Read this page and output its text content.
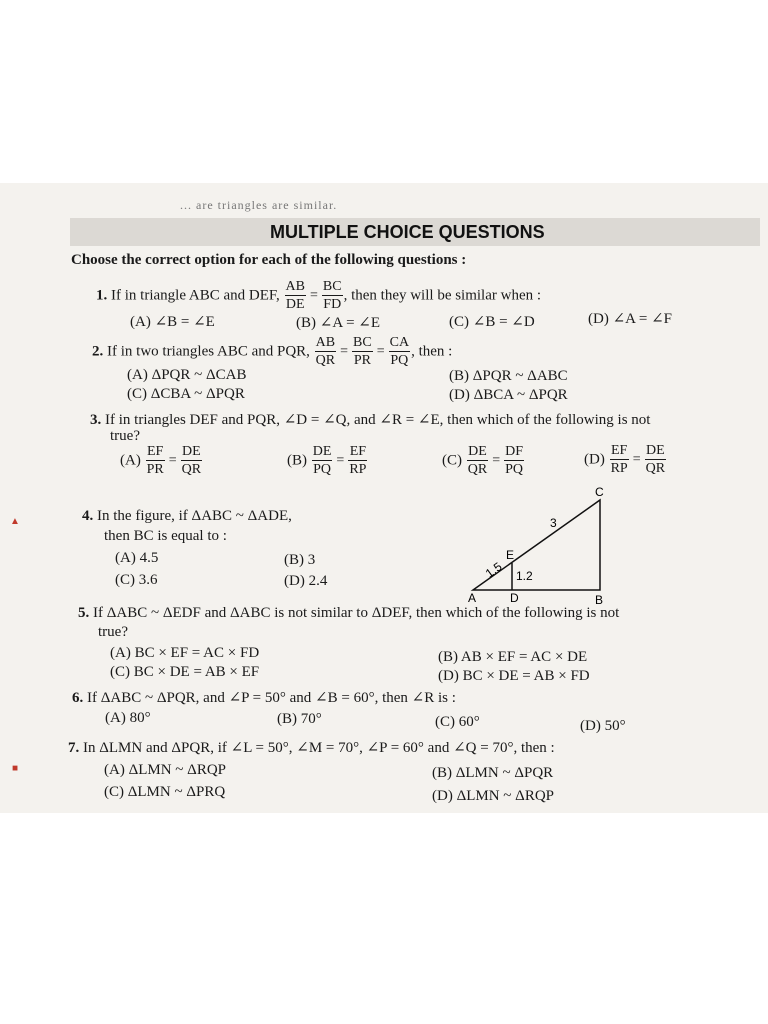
... are triangles are similar.
MULTIPLE CHOICE QUESTIONS
Choose the correct option for each of the following questions :
1. If in triangle ABC and DEF, $\frac{AB}{DE} = \frac{BC}{FD}$ , then they will be similar when :
(A) ∠B = ∠E	(B) ∠A = ∠E	(C) ∠B = ∠D	(D) ∠A = ∠F
2. If in two triangles ABC and PQR, $\frac{AB}{QR} = \frac{BC}{PR} = \frac{CA}{PQ}$ , then :
(A) ΔPQR ~ ΔCAB	(B) ΔPQR ~ ΔABC
(C) ΔCBA ~ ΔPQR	(D) ΔBCA ~ ΔPQR
3. If in triangles DEF and PQR, ∠D = ∠Q, and ∠R = ∠E, then which of the following is not
true?
$(A) \frac{EF}{PR} = \frac{DE}{QR}$	$(B) \frac{DE}{PQ} = \frac{EF}{RP}$	$(C) \frac{DE}{QR} = \frac{DF}{PQ}$	$(D) \frac{EF}{RP} = \frac{DE}{QR}$
4. In the figure, if ΔABC ~ ΔADE,
then BC is equal to :
(A) 4.5	(B) 3
(C) 3.6	(D) 2.4
C
A	D	B
E
3
1.2
1.5
5. If ΔABC ~ ΔEDF and ΔABC is not similar to ΔDEF, then which of the following is not
true?
(A) BC × EF = AC × FD	(B) AB × EF = AC × DE
(C) BC × DE = AB × EF	(D) BC × DE = AB × FD
6. If ΔABC ~ ΔPQR, and ∠P = 50° and ∠B = 60°, then ∠R is :
(A) 80°	(B) 70°	(C) 60°	(D) 50°
7. In ΔLMN and ΔPQR, if ∠L = 50°, ∠M = 70°, ∠P = 60° and ∠Q = 70°, then :
(A) ΔLMN ~ ΔRQP	(B) ΔLMN ~ ΔPQR
(C) ΔLMN ~ ΔPRQ	(D) ΔLMN ~ ΔRQP
▲
■
